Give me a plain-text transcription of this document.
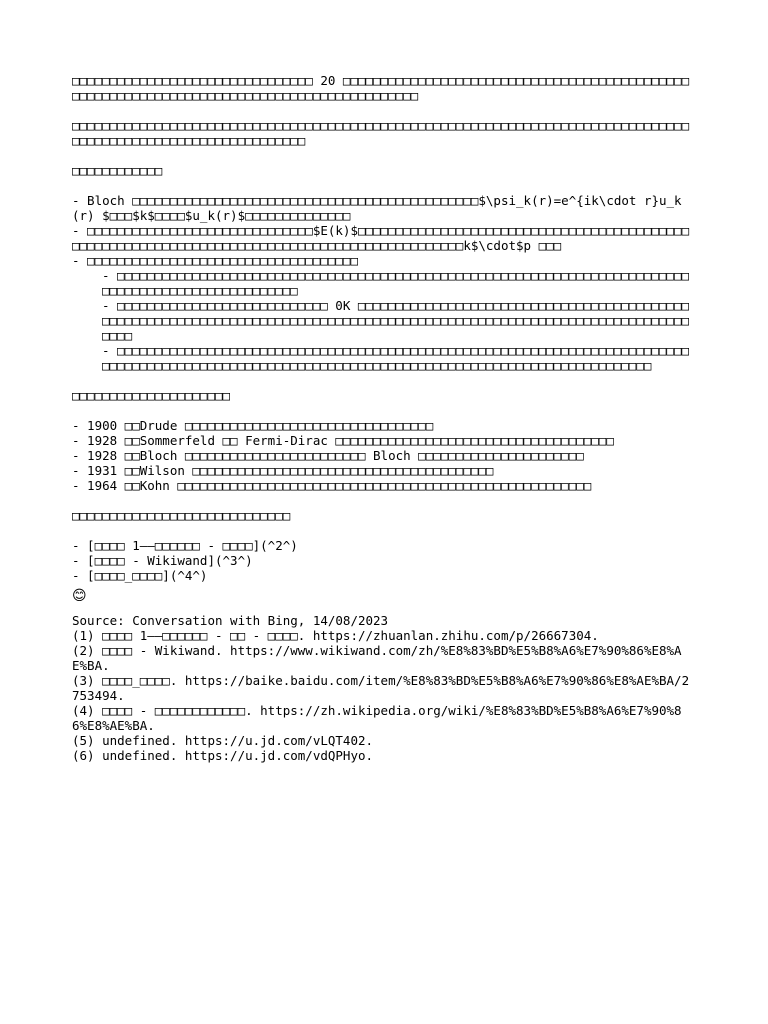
□□□□□□□□□□□□□□□□□□□□□□□□□□□□□□□□ 20 □□□□□□□□□□□□□□□□□□□□□□□□□□□□□□□□□□□□□□□□□□□□□□□□□□□□□□□□□□□□□□□□□□□□□□□□□□□□□□□□□□□□□□□□□□□□

□□□□□□□□□□□□□□□□□□□□□□□□□□□□□□□□□□□□□□□□□□□□□□□□□□□□□□□□□□□□□□□□□□□□□□□□□□□□□□□□□□□□□□□□□□□□□□□□□□□□□□□□□□□□□□□□□

□□□□□□□□□□□□

- Bloch □□□□□□□□□□□□□□□□□□□□□□□□□□□□□□□□□□□□□□□□□□□□□□$\psi_k(r)=e^{ik\cdot r}u_k(r) $□□□$k$□□□□$u_k(r)$□□□□□□□□□□□□□□

- □□□□□□□□□□□□□□□□□□□□□□□□□□□□□□$E(k)$□□□□□□□□□□□□□□□□□□□□□□□□□□□□□□□□□□□□□□□□□□□□□□□□□□□□□□□□□□□□□□□□□□□□□□□□□□□□□□□□□□□□□□□□□□□□□□□□k$\cdot$p □□□

- □□□□□□□□□□□□□□□□□□□□□□□□□□□□□□□□□□□□

- □□□□□□□□□□□□□□□□□□□□□□□□□□□□□□□□□□□□□□□□□□□□□□□□□□□□□□□□□□□□□□□□□□□□□□□□□□□□□□□□□□□□□□□□□□□□□□□□□□□□□□

- □□□□□□□□□□□□□□□□□□□□□□□□□□□□ 0K □□□□□□□□□□□□□□□□□□□□□□□□□□□□□□□□□□□□□□□□□□□□□□□□□□□□□□□□□□□□□□□□□□□□□□□□□□□□□□□□□□□□□□□□□□□□□□□□□□□□□□□□□□□□□□□□□□□□□□□□□□□□□□

- □□□□□□□□□□□□□□□□□□□□□□□□□□□□□□□□□□□□□□□□□□□□□□□□□□□□□□□□□□□□□□□□□□□□□□□□□□□□□□□□□□□□□□□□□□□□□□□□□□□□□□□□□□□□□□□□□□□□□□□□□□□□□□□□□□□□□□□□□□□□□□□□□□□□□

□□□□□□□□□□□□□□□□□□□□□

- 1900 □□Drude □□□□□□□□□□□□□□□□□□□□□□□□□□□□□□□□□

- 1928 □□Sommerfeld □□ Fermi-Dirac □□□□□□□□□□□□□□□□□□□□□□□□□□□□□□□□□□□□□

- 1928 □□Bloch □□□□□□□□□□□□□□□□□□□□□□□□ Bloch □□□□□□□□□□□□□□□□□□□□□□

- 1931 □□Wilson □□□□□□□□□□□□□□□□□□□□□□□□□□□□□□□□□□□□□□□□

- 1964 □□Kohn □□□□□□□□□□□□□□□□□□□□□□□□□□□□□□□□□□□□□□□□□□□□□□□□□□□□□□□

□□□□□□□□□□□□□□□□□□□□□□□□□□□□□

- [□□□□ 1——□□□□□□ - □□□□](^2^)

- [□□□□ - Wikiwand](^3^)

- [□□□□_□□□□](^4^)

😊

Source: Conversation with Bing, 14/08/2023

(1) □□□□ 1——□□□□□□ - □□ - □□□□. https://zhuanlan.zhihu.com/p/26667304.

(2) □□□□ - Wikiwand. https://www.wikiwand.com/zh/%E8%83%BD%E5%B8%A6%E7%90%86%E8%AE%BA.

(3) □□□□_□□□□. https://baike.baidu.com/item/%E8%83%BD%E5%B8%A6%E7%90%86%E8%AE%BA/2753494.

(4) □□□□ - □□□□□□□□□□□□. https://zh.wikipedia.org/wiki/%E8%83%BD%E5%B8%A6%E7%90%86%E8%AE%BA.

(5) undefined. https://u.jd.com/vLQT402.

(6) undefined. https://u.jd.com/vdQPHyo.
